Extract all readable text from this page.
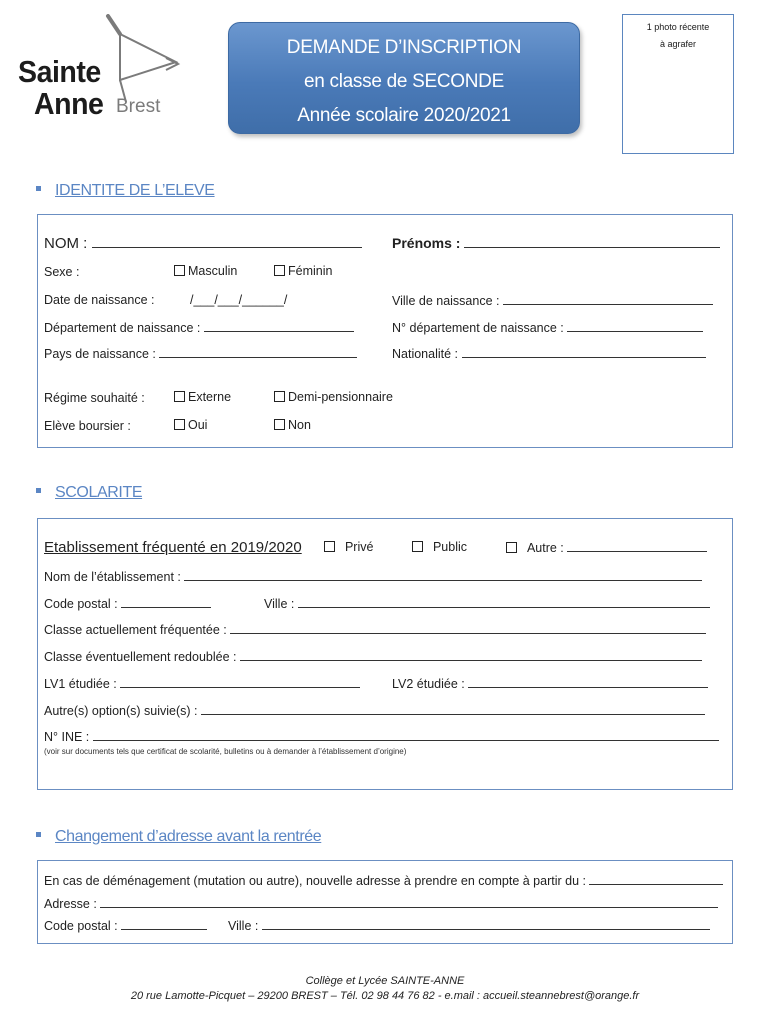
Sainte
Anne Brest
DEMANDE D’INSCRIPTION
en classe de SECONDE
Année scolaire 2020/2021
1 photo récente
à agrafer
IDENTITE DE L’ELEVE
NOM :	Prénoms :
Sexe :	Masculin	Féminin
Date de naissance :	/___/___/______/	Ville de naissance :
Département de naissance :	N° département de naissance :
Pays de naissance :	Nationalité :
Régime souhaité :	Externe	Demi-pensionnaire
Elève boursier :	Oui	Non
SCOLARITE
Etablissement fréquenté en 2019/2020	Privé	Public	Autre :
Nom de l’établissement :
Code postal :	Ville :
Classe actuellement fréquentée :
Classe éventuellement redoublée :
LV1 étudiée :	LV2 étudiée :
Autre(s) option(s) suivie(s) :
N° INE :
(voir sur documents tels que certificat de scolarité, bulletins ou à demander à l’établissement d’origine)
Changement d’adresse avant la rentrée
En cas de déménagement (mutation ou autre), nouvelle adresse à prendre en compte à partir du :
Adresse :
Code postal :	Ville :
Collège et Lycée SAINTE-ANNE
20 rue Lamotte-Picquet – 29200 BREST – Tél. 02 98 44 76 82 - e.mail : accueil.steannebrest@orange.fr
